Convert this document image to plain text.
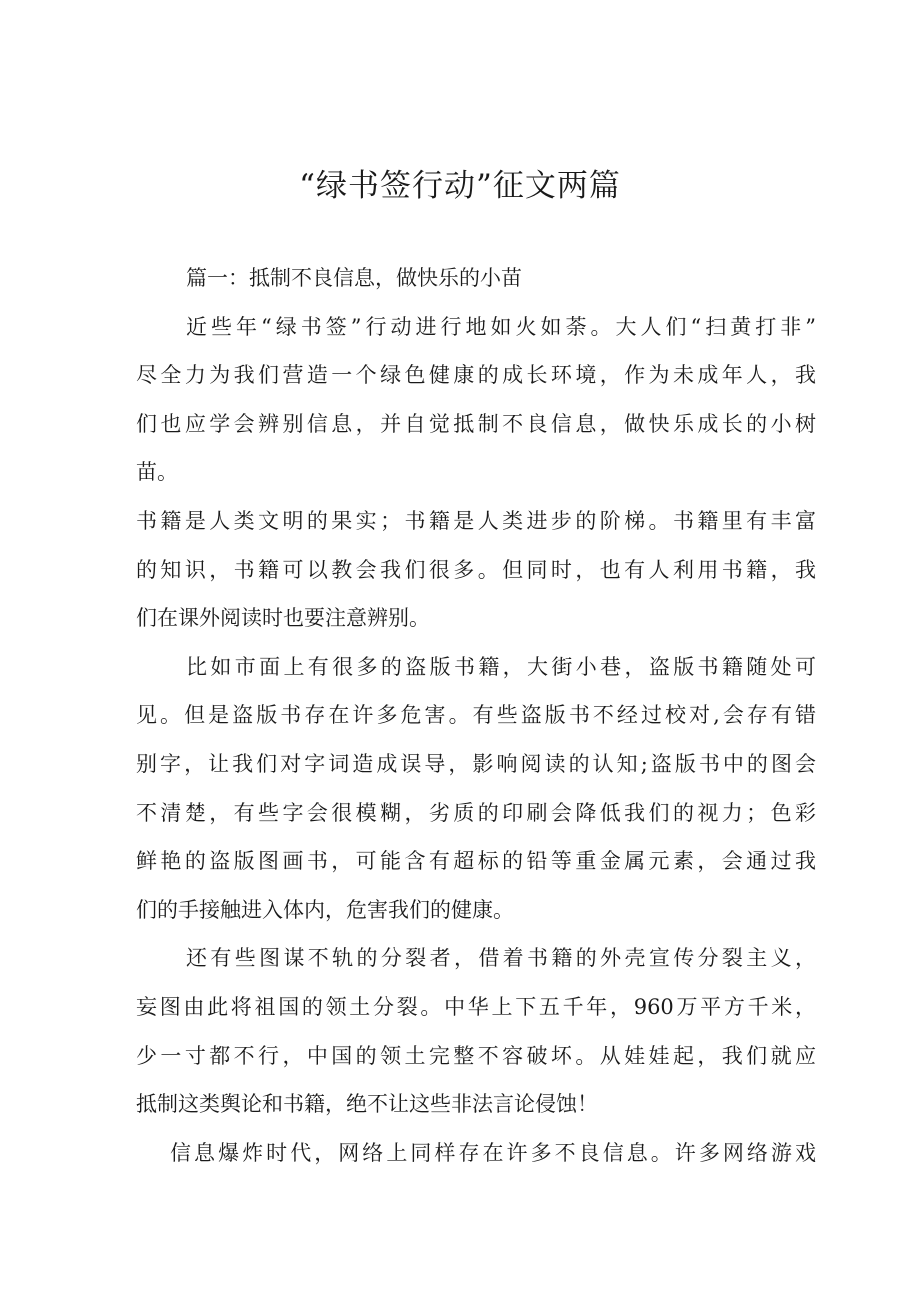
“绿书签行动”征文两篇
篇一：抵制不良信息，做快乐的小苗
近些年“绿书签”行动进行地如火如荼。大人们“扫黄打非”
尽全力为我们营造一个绿色健康的成长环境，作为未成年人，我
们也应学会辨别信息，并自觉抵制不良信息，做快乐成长的小树
苗。
书籍是人类文明的果实；书籍是人类进步的阶梯。书籍里有丰富
的知识，书籍可以教会我们很多。但同时，也有人利用书籍，我
们在课外阅读时也要注意辨别。
比如市面上有很多的盗版书籍，大街小巷，盗版书籍随处可
见。但是盗版书存在许多危害。有些盗版书不经过校对,会存有错
别字，让我们对字词造成误导，影响阅读的认知;盗版书中的图会
不清楚，有些字会很模糊，劣质的印刷会降低我们的视力；色彩
鲜艳的盗版图画书，可能含有超标的铅等重金属元素，会通过我
们的手接触进入体内，危害我们的健康。
还有些图谋不轨的分裂者，借着书籍的外壳宣传分裂主义，
妄图由此将祖国的领土分裂。中华上下五千年，960万平方千米，
少一寸都不行，中国的领土完整不容破坏。从娃娃起，我们就应
抵制这类舆论和书籍，绝不让这些非法言论侵蚀！
信息爆炸时代，网络上同样存在许多不良信息。许多网络游戏
